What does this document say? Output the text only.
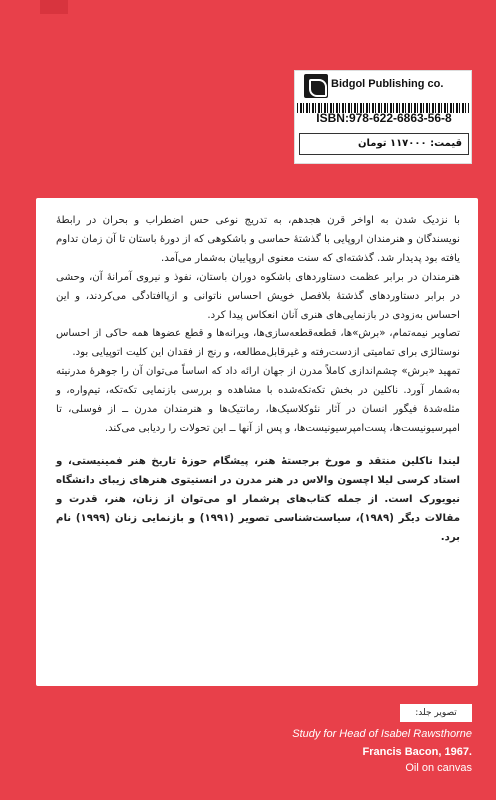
Bidgol Publishing co.
ISBN:978-622-6863-56-8
قیمت: ۱۱۷۰۰۰ تومان

با نزدیک شدن به اواخر قرن هجدهم، به تدریج نوعی حس اضطراب و بحران در رابطهٔ نویسندگان و هنرمندان اروپایی با گذشتهٔ حماسی و باشکوهی که از دورهٔ باستان تا آن زمان تداوم یافته بود پدیدار شد. گذشته‌ای که سنت معنوی اروپاییان به‌شمار می‌آمد.

هنرمندان در برابر عظمت دستاوردهای باشکوه دوران باستان، نفوذ و نیروی آمرانهٔ آن، وحشی در برابر دستاوردهای گذشتهٔ بلافصل خویش احساس ناتوانی و ازپاافتادگی می‌کردند، و این احساس به‌زودی در بازنمایی‌های هنری آنان انعکاس پیدا کرد.

تصاویر نیمه‌تمام، «برش»ها، قطعه‌قطعه‌سازی‌ها، ویرانه‌ها و قطع عضوها همه حاکی از احساس نوستالژی برای تمامیتی ازدست‌رفته و غیرقابل‌مطالعه، و رنج از فقدان این کلیت اتوپیایی بود.

تمهید «برش» چشم‌اندازی کاملاً مدرن از جهان ارائه داد که اساساً می‌توان آن را جوهرهٔ مدرنیته به‌شمار آورد. ناکلین در بخش تکه‌تکه‌شده با مشاهده و بررسی بازنمایی تکه‌تکه، تیم‌واره، و مثله‌شدهٔ فیگور انسان در آثار نئوکلاسیک‌ها، رمانتیک‌ها و هنرمندان مدرن ــ از فوسلی، تا امپرسیونیست‌ها، پست‌امپرسیونیست‌ها، و پس از آنها ــ این تحولات را ردیابی می‌کند.

لیندا ناکلین منتقد و مورخ برجستهٔ هنر، پیشگام حوزهٔ تاریخ هنر فمینیستی، و استاد کرسی لیلا اچسون والاس در هنر مدرن در انستیتوی هنرهای زیبای دانشگاه نیویورک است. از جمله کتاب‌های پرشمار او می‌توان از زنان، هنر، قدرت و مقالات دیگر (۱۹۸۹)، سیاست‌شناسی تصویر (۱۹۹۱) و بازنمایی زنان (۱۹۹۹) نام برد.

تصویر جلد:
Study for Head of Isabel Rawsthorne
Francis Bacon, 1967.
Oil on canvas
